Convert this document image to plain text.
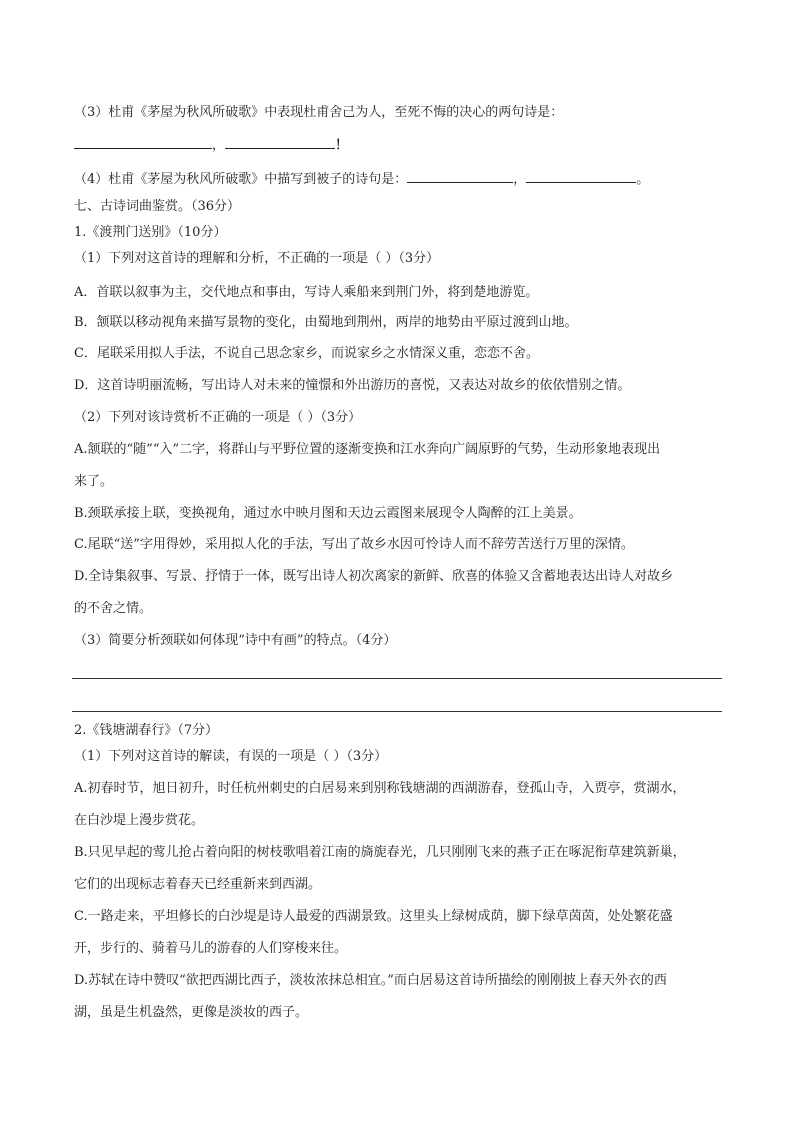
（3）杜甫《茅屋为秋风所破歌》中表现杜甫舍己为人，至死不悔的决心的两句诗是：
，	！
（4）杜甫《茅屋为秋风所破歌》中描写到被子的诗句是：	，	。
七、古诗词曲鉴赏。（36分）
1.《渡荆门送别》（10分）
（1）下列对这首诗的理解和分析，不正确的一项是（ ）（3分）
A．首联以叙事为主，交代地点和事由，写诗人乘船来到荆门外，将到楚地游览。
B．颔联以移动视角来描写景物的变化，由蜀地到荆州，两岸的地势由平原过渡到山地。
C．尾联采用拟人手法，不说自己思念家乡，而说家乡之水情深义重，恋恋不舍。
D．这首诗明丽流畅，写出诗人对未来的憧憬和外出游历的喜悦，又表达对故乡的依依惜别之情。
（2）下列对该诗赏析不正确的一项是（ ）（3分）
A.颔联的“随”“入”二字，将群山与平野位置的逐渐变换和江水奔向广阔原野的气势，生动形象地表现出
来了。
B.颈联承接上联，变换视角，通过水中映月图和天边云霞图来展现令人陶醉的江上美景。
C.尾联“送”字用得妙，采用拟人化的手法，写出了故乡水因可怜诗人而不辞劳苦送行万里的深情。
D.全诗集叙事、写景、抒情于一体，既写出诗人初次离家的新鲜、欣喜的体验又含蓄地表达出诗人对故乡
的不舍之情。
（3）简要分析颈联如何体现“诗中有画”的特点。（4分）
2.《钱塘湖春行》（7分）
（1）下列对这首诗的解读，有误的一项是（ ）（3分）
A.初春时节，旭日初升，时任杭州刺史的白居易来到别称钱塘湖的西湖游春，登孤山寺，入贾亭，赏湖水，
在白沙堤上漫步赏花。
B.只见早起的莺儿抢占着向阳的树枝歌唱着江南的旖旎春光，几只刚刚飞来的燕子正在啄泥衔草建筑新巢，
它们的出现标志着春天已经重新来到西湖。
C.一路走来，平坦修长的白沙堤是诗人最爱的西湖景致。这里头上绿树成荫，脚下绿草茵茵，处处繁花盛
开，步行的、骑着马儿的游春的人们穿梭来往。
D.苏轼在诗中赞叹“欲把西湖比西子，淡妆浓抹总相宜。”而白居易这首诗所描绘的刚刚披上春天外衣的西
湖，虽是生机盎然，更像是淡妆的西子。
